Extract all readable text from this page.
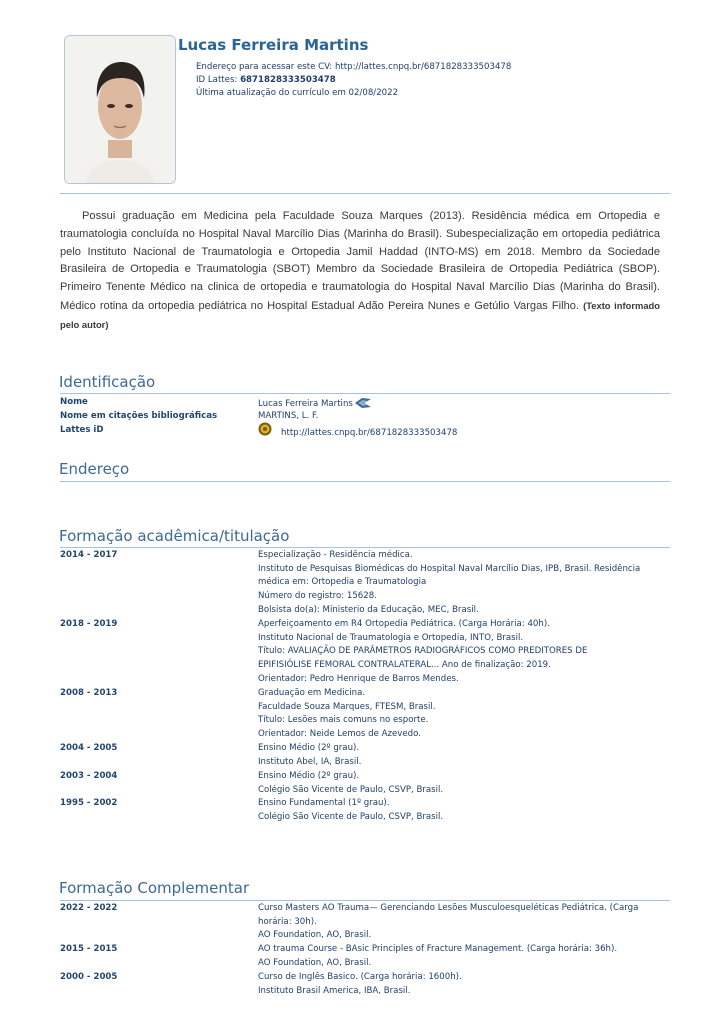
Lucas Ferreira Martins
Endereço para acessar este CV: http://lattes.cnpq.br/6871828333503478
ID Lattes: 6871828333503478
Última atualização do currículo em 02/08/2022
Possui graduação em Medicina pela Faculdade Souza Marques (2013). Residência médica em Ortopedia e traumatologia concluída no Hospital Naval Marcílio Dias (Marinha do Brasil). Subespecialização em ortopedia pediátrica pelo Instituto Nacional de Traumatologia e Ortopedia Jamil Haddad (INTO-MS) em 2018. Membro da Sociedade Brasileira de Ortopedia e Traumatologia (SBOT) Membro da Sociedade Brasileira de Ortopedia Pediátrica (SBOP). Primeiro Tenente Médico na clinica de ortopedia e traumatologia do Hospital Naval Marcílio Dias (Marinha do Brasil). Médico rotina da ortopedia pediátrica no Hospital Estadual Adão Pereira Nunes e Getúlio Vargas Filho. (Texto informado pelo autor)
Identificação
Nome	Lucas Ferreira Martins
Nome em citações bibliográficas	MARTINS, L. F.
Lattes iD	http://lattes.cnpq.br/6871828333503478
Endereço
Formação acadêmica/titulação
2014 - 2017	Especialização - Residência médica.
Instituto de Pesquisas Biomédicas do Hospital Naval Marcílio Dias, IPB, Brasil. Residência
médica em: Ortopedia e Traumatologia
Número do registro: 15628.
Bolsista do(a): Ministerio da Educação, MEC, Brasil.
2018 - 2019	Aperfeiçoamento em R4 Ortopedia Pediátrica. (Carga Horária: 40h).
Instituto Nacional de Traumatologia e Ortopedia, INTO, Brasil.
Título: AVALIAÇÃO DE PARÂMETROS RADIOGRÁFICOS COMO PREDITORES DE
EPIFISIÓLISE FEMORAL CONTRALATERAL... Ano de finalização: 2019.
Orientador: Pedro Henrique de Barros Mendes.
2008 - 2013	Graduação em Medicina.
Faculdade Souza Marques, FTESM, Brasil.
Título: Lesões mais comuns no esporte.
Orientador: Neide Lemos de Azevedo.
2004 - 2005	Ensino Médio (2º grau).
Instituto Abel, IA, Brasil.
2003 - 2004	Ensino Médio (2º grau).
Colégio São Vicente de Paulo, CSVP, Brasil.
1995 - 2002	Ensino Fundamental (1º grau).
Colégio São Vicente de Paulo, CSVP, Brasil.
Formação Complementar
2022 - 2022	Curso Masters AO Trauma— Gerenciando Lesões Musculoesqueléticas Pediátrica. (Carga
horária: 30h).
AO Foundation, AO, Brasil.
2015 - 2015	AO trauma Course - BAsic Principles of Fracture Management. (Carga horária: 36h).
AO Foundation, AO, Brasil.
2000 - 2005	Curso de Inglês Basico. (Carga horária: 1600h).
Instituto Brasil America, IBA, Brasil.
